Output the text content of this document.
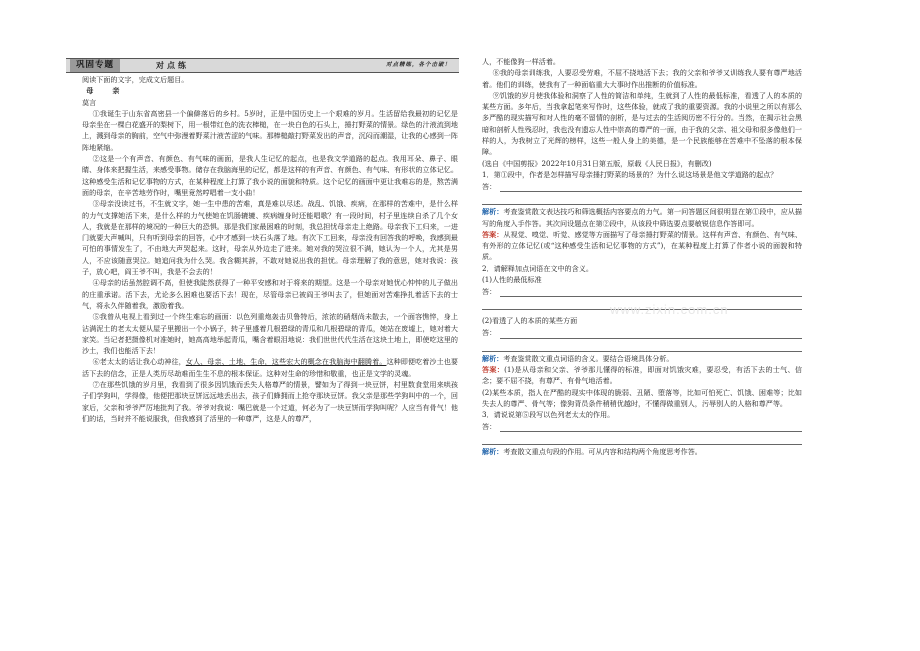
巩固专题	对点练	对点精练，各个击破！

阅读下面的文字，完成文后题目。

母　亲

莫言

①我诞生于山东省高密县一个偏僻落后的乡村。5岁时，正是中国历史上一个艰难的岁月。生活留给我最初的记忆是母亲坐在一棵白花盛开的梨树下，用一根带红色的洗衣棒槌，在一块白色的石头上，捶打野菜的情景。绿色的汁液流到地上，溅到母亲的胸前，空气中弥漫着野菜汁液苦涩的气味。那棒槌敲打野菜发出的声音，沉闷而潮湿，让我的心感到一阵阵地紧缩。

②这是一个有声音、有颜色、有气味的画面，是我人生记忆的起点，也是我文学道路的起点。我用耳朵、鼻子、眼睛、身体来把握生活，来感受事物。储存在我脑海里的记忆，都是这样的有声音、有颜色、有气味、有形状的立体记忆。这种感受生活和记忆事物的方式，在某种程度上打算了我小说的面貌和特质。这个记忆的画面中更让我难忘的是，熬苦满面的母亲，在辛苦地劳作时，嘴里竟然哼唱着一支小曲！

③母亲没读过书，不生就文字，她一生中患的苦难，真是难以尽述。战乱、饥饿、疾病，在那样的苦难中，是什么样的力气支撑她活下来，是什么样的力气使她在饥肠辘辘、疾病缠身时还能唱歌？有一段时间，村子里连续自杀了几个女人，我就是在那样的境况的一种巨大的恐惧。那是我们家最困难的时刻，我总担忧母亲走上绝路。母亲我下工归来，一进门就要大声喊叫，只有听到母亲的回答，心中才感到一块石头落了地。有次下工回来，母亲没有回答我的呼唤，我感到最可怕的事情发生了，不由地大声哭起来。这时，母亲从外边走了进来。她对我的哭泣很不满，她认为一个人，尤其是男人，不应该随意哭泣。她追问我为什么哭。我含糊其辞，不敢对她说出我的担忧。母亲理解了我的意思，她对我说：孩子，放心吧，阎王爷不叫，我是不会去的！

④母亲的话虽然腔调不高，但使我陡然获得了一种平安感和对于将来的期望。这是一个母亲对她忧心忡忡的儿子做出的庄重承诺。活下去，尤论多么困难也要活下去！现在，尽管母亲已被阎王爷叫去了，但她面对苦难挣扎着活下去的士气，将永久伴随着我，激励着我。

⑤我曾从电视上看到过一个终生难忘的画面：以色列重炮轰击贝鲁特后，浓浓的硝烟尚未散去，一个面容憔悴，身上沾满泥土的老太太便从屋子里搬出一个小锅子，转子里盛着几根碧绿的青瓜和几根碧绿的青瓜，她站在废墟上，她对着大家笑。当记者把摄像机对准她时，她高高地举起青瓜，嘴含着眼泪地说：我们世世代代生活在这块土地上，即使吃这里的沙土，我们也能活下去！

⑥老太太的话让我心动神往，女人、母亲、土地、生命，这些宏大的概念在我脑海中翻腾着。这种即便吃着沙土也要活下去的信念，正是人类历尽劫难而生生不息的根本保证。这种对生命的珍惜和敬重，也正是文学的灵魂。

⑦在那些饥饿的岁月里，我看到了很多因饥饿而丢失人格尊严的情景，譬如为了得到一块豆饼，村里数食堂用来哄孩子们学狗叫，学得像，他便把那块豆饼远远地丢出去，孩子们蜂拥而上抢夺那块豆饼。我父亲是那些学狗叫中的一个，回家后，父亲和爷爷严厉地批判了我。爷爷对我说：嘴巴就是一个过道，何必为了一块豆饼而学狗叫呢？人应当有骨气！他们的话，当时并不能说服我，但我感到了活里的一种尊严，这是人的尊严，

人，不能像狗一样活着。

⑧我的母亲训练我，人要忍受劳难，不屈不挠地活下去；我的父亲和爷爷又训练我人要有尊严地活着。他们的训练，使我有了一种面临重大大事时作出推断的价值标准。

⑨饥饿的岁月使我体验和洞察了人性的简洁和单纯，生就到了人性的最低标准，看透了人的本质的某些方面。多年后，当我拿起笔来写作时，这些体验，就成了我的重要资源。我的小说里之所以有那么多严酷的现实描写和对人性的毫不留情的剖析，是与过去的生活阅历密不行分的。当然，在揭示社会黑暗和剖析人性残忍时，我也没有遗忘人性中崇高的尊严的一面，由于我的父亲、祖父母和很多像他们一样的人，为我树立了光辉的榜样，这些一般人身上的美德，是一个民族能够在苦难中不坠落的根本保障。

(选自《中国剪报》2022年10月31日第五版，原载《人民日报》，有删改)

1．第①段中，作者是怎样描写母亲捶打野菜的场景的？为什么说这场景是他文学道路的起点？

答：

解析：考查鉴赏散文表达技巧和筛选概括内容要点的力气。第一问答题区间很明显在第①段中，应从描写的角度入手作答。其次问设题点在第②段中，从该段中筛选要点要敏锐信息作答即可。

答案：从视觉、嗅觉、听觉、感觉等方面描写了母亲捶打野菜的情景。这样有声音、有颜色、有气味、有外形的立体记忆(或“这种感受生活和记忆事物的方式”)，在某种程度上打算了作者小说的面貌和特质。

2．请解释加点词语在文中的含义。

(1)人性的最低标准

答：

(2)看透了人的本质的某些方面

答：

解析：考查鉴赏散文重点词语的含义。要结合语境具体分析。

答案：(1)是从母亲和父亲、爷爷那儿懂得的标准，即面对饥饿灾难，要忍受，有活下去的士气、信念；要不屈不挠，有尊严、有骨气地活着。

(2)某些本质，指人在严酷的现实中体现的脆弱、丑陋、堕落等，比如可怕死亡、饥饿、困难等；比如失去人的尊严、骨气等；像狗背员条件稍稍优越时，不懂得做重别人，污辱别人的人格和尊严等。

3．请说说第⑤段写以色列老太太的作用。

答：

解析：考查散文重点句段的作用。可从内容和结构两个角度思考作答。

www.zixin.com.cn
